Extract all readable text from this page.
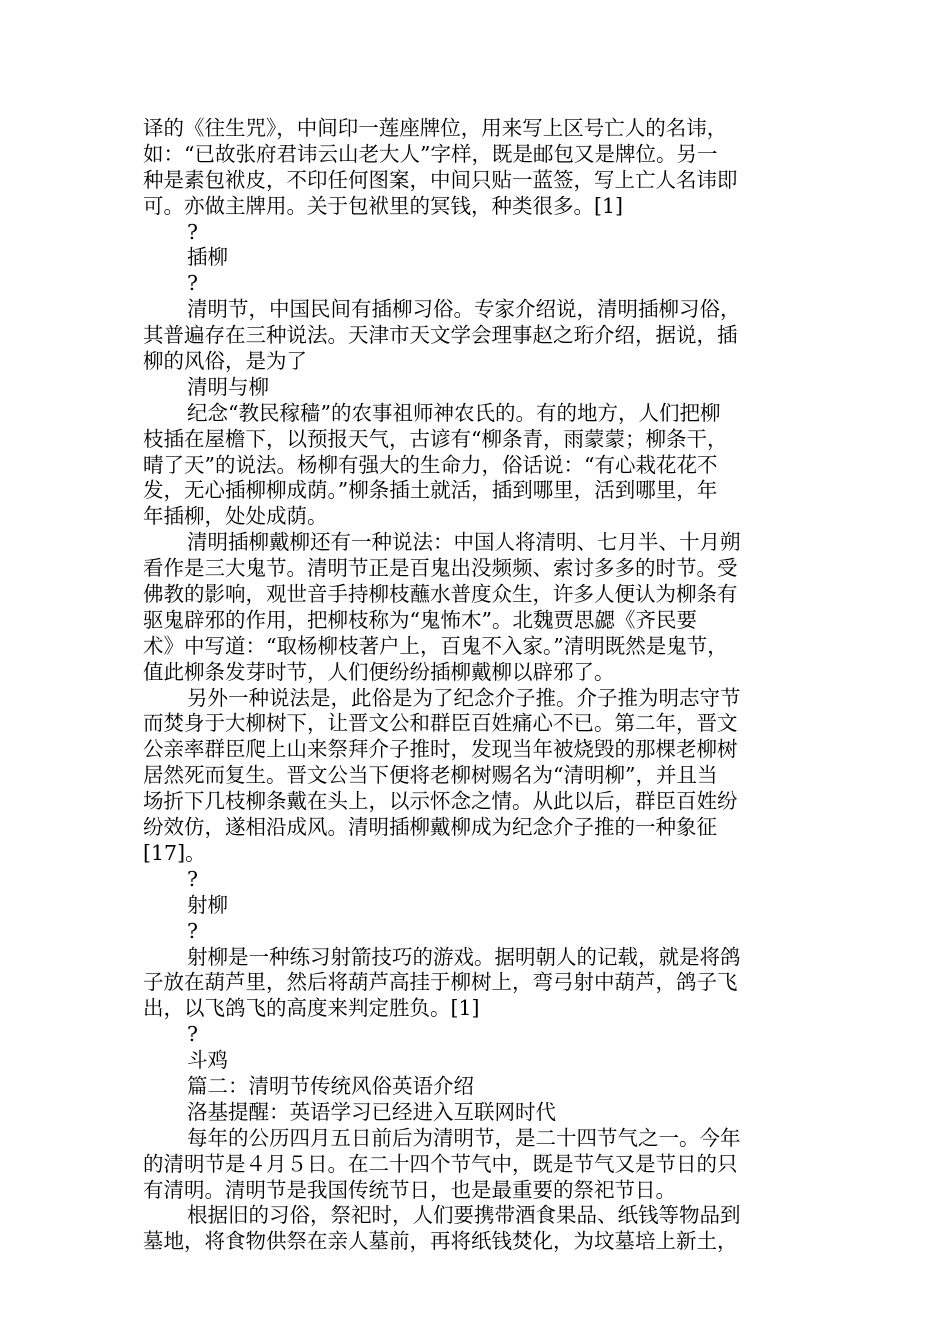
译的《往生咒》，中间印一莲座牌位，用来写上区号亡人的名讳，
如：“已故张府君讳云山老大人”字样，既是邮包又是牌位。另一
种是素包袱皮，不印任何图案，中间只贴一蓝签，写上亡人名讳即
可。亦做主牌用。关于包袱里的冥钱，种类很多。[1]
?
插柳
?
清明节，中国民间有插柳习俗。专家介绍说，清明插柳习俗，
其普遍存在三种说法。天津市天文学会理事赵之珩介绍，据说，插
柳的风俗，是为了
清明与柳
纪念“教民稼穑”的农事祖师神农氏的。有的地方，人们把柳
枝插在屋檐下，以预报天气，古谚有“柳条青，雨蒙蒙；柳条干，
晴了天”的说法。杨柳有强大的生命力，俗话说：“有心栽花花不
发，无心插柳柳成荫。”柳条插土就活，插到哪里，活到哪里，年
年插柳，处处成荫。
清明插柳戴柳还有一种说法：中国人将清明、七月半、十月朔
看作是三大鬼节。清明节正是百鬼出没频频、索讨多多的时节。受
佛教的影响，观世音手持柳枝蘸水普度众生，许多人便认为柳条有
驱鬼辟邪的作用，把柳枝称为“鬼怖木”。北魏贾思勰《齐民要
术》中写道：“取杨柳枝著户上，百鬼不入家。”清明既然是鬼节，
值此柳条发芽时节，人们便纷纷插柳戴柳以辟邪了。
另外一种说法是，此俗是为了纪念介子推。介子推为明志守节
而焚身于大柳树下，让晋文公和群臣百姓痛心不已。第二年，晋文
公亲率群臣爬上山来祭拜介子推时，发现当年被烧毁的那棵老柳树
居然死而复生。晋文公当下便将老柳树赐名为“清明柳”，并且当
场折下几枝柳条戴在头上，以示怀念之情。从此以后，群臣百姓纷
纷效仿，遂相沿成风。清明插柳戴柳成为纪念介子推的一种象征
[17]。
?
射柳
?
射柳是一种练习射箭技巧的游戏。据明朝人的记载，就是将鸽
子放在葫芦里，然后将葫芦高挂于柳树上，弯弓射中葫芦，鸽子飞
出，以飞鸽飞的高度来判定胜负。[1]
?
斗鸡
篇二：清明节传统风俗英语介绍
洛基提醒：英语学习已经进入互联网时代
每年的公历四月五日前后为清明节，是二十四节气之一。今年
的清明节是４月５日。在二十四个节气中，既是节气又是节日的只
有清明。清明节是我国传统节日，也是最重要的祭祀节日。
根据旧的习俗，祭祀时，人们要携带酒食果品、纸钱等物品到
墓地，将食物供祭在亲人墓前，再将纸钱焚化，为坟墓培上新土，
